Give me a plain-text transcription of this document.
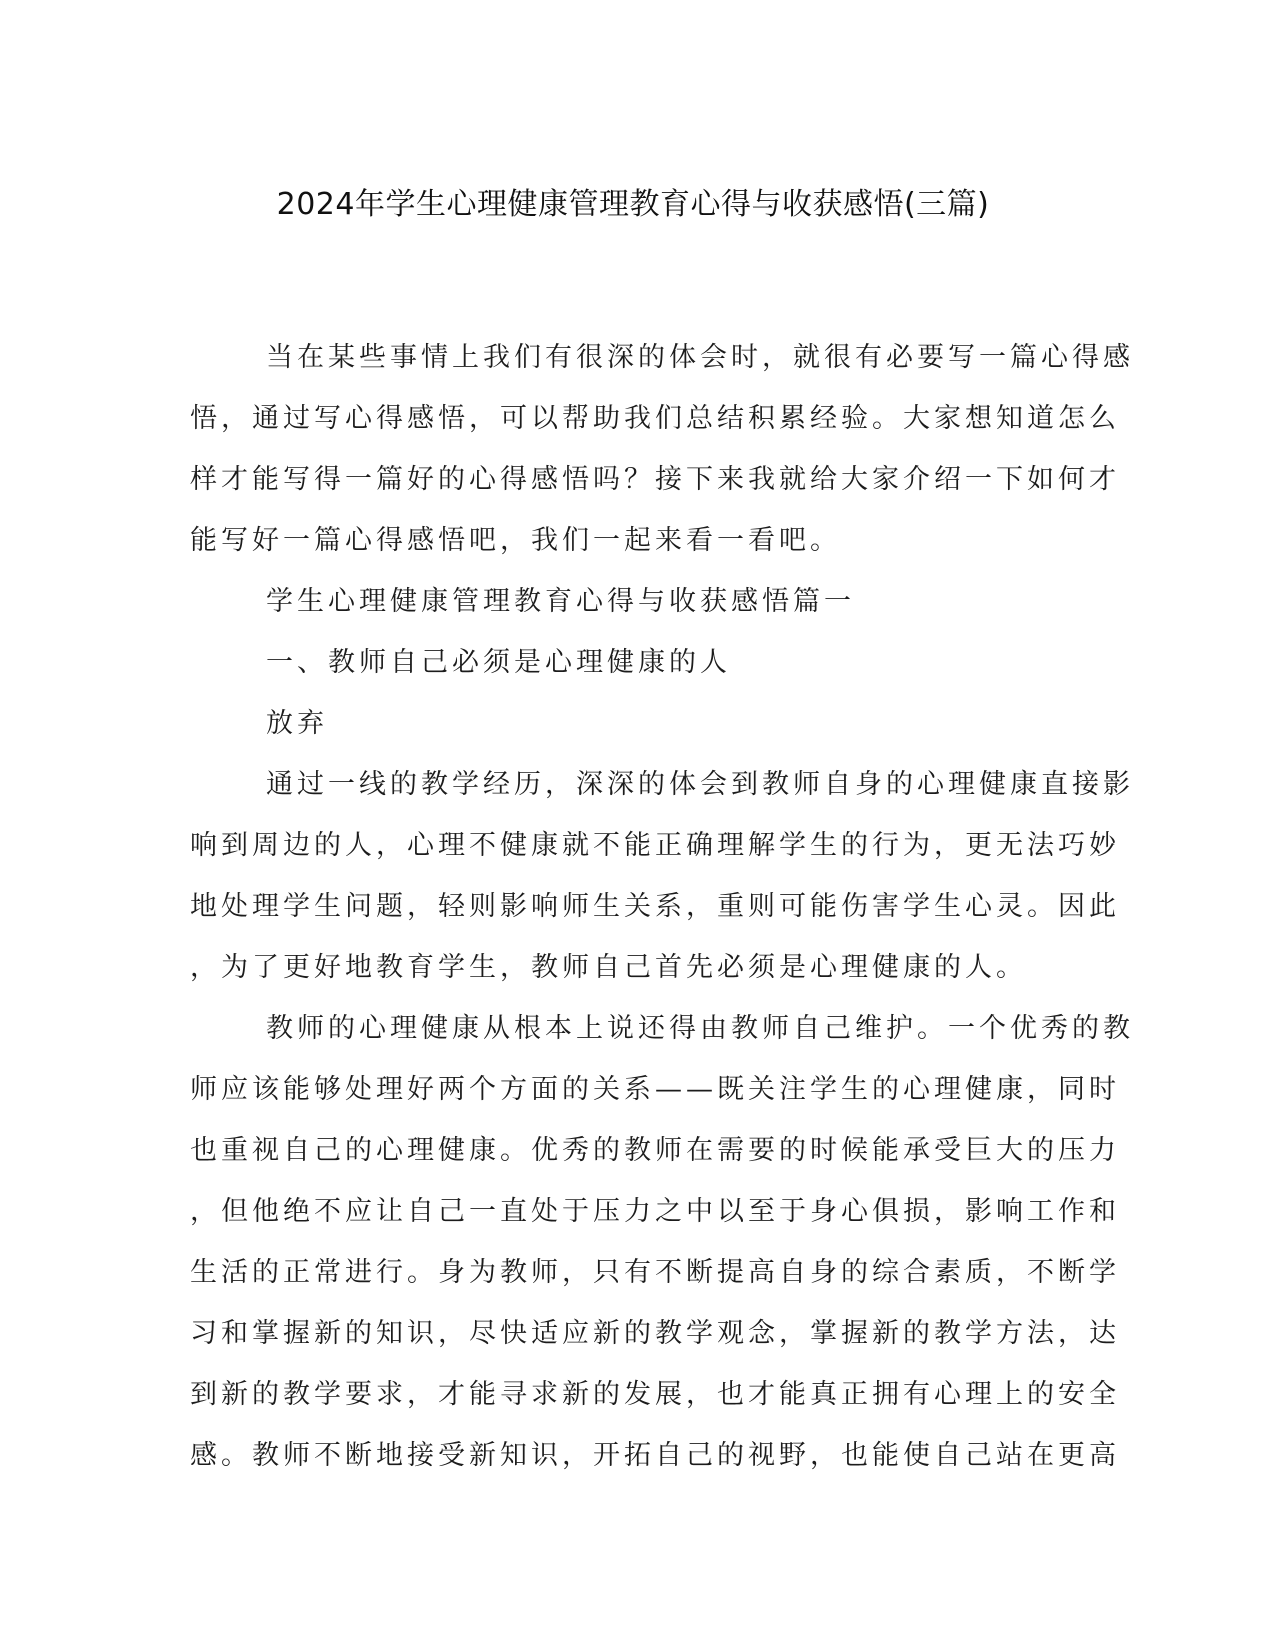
2024年学生心理健康管理教育心得与收获感悟(三篇)
当在某些事情上我们有很深的体会时，就很有必要写一篇心得感
悟，通过写心得感悟，可以帮助我们总结积累经验。大家想知道怎么
样才能写得一篇好的心得感悟吗？接下来我就给大家介绍一下如何才
能写好一篇心得感悟吧，我们一起来看一看吧。
学生心理健康管理教育心得与收获感悟篇一
一、教师自己必须是心理健康的人
放弃
通过一线的教学经历，深深的体会到教师自身的心理健康直接影
响到周边的人，心理不健康就不能正确理解学生的行为，更无法巧妙
地处理学生问题，轻则影响师生关系，重则可能伤害学生心灵。因此
，为了更好地教育学生，教师自己首先必须是心理健康的人。
教师的心理健康从根本上说还得由教师自己维护。一个优秀的教
师应该能够处理好两个方面的关系——既关注学生的心理健康，同时
也重视自己的心理健康。优秀的教师在需要的时候能承受巨大的压力
，但他绝不应让自己一直处于压力之中以至于身心俱损，影响工作和
生活的正常进行。身为教师，只有不断提高自身的综合素质，不断学
习和掌握新的知识，尽快适应新的教学观念，掌握新的教学方法，达
到新的教学要求，才能寻求新的发展，也才能真正拥有心理上的安全
感。教师不断地接受新知识，开拓自己的视野，也能使自己站在更高
